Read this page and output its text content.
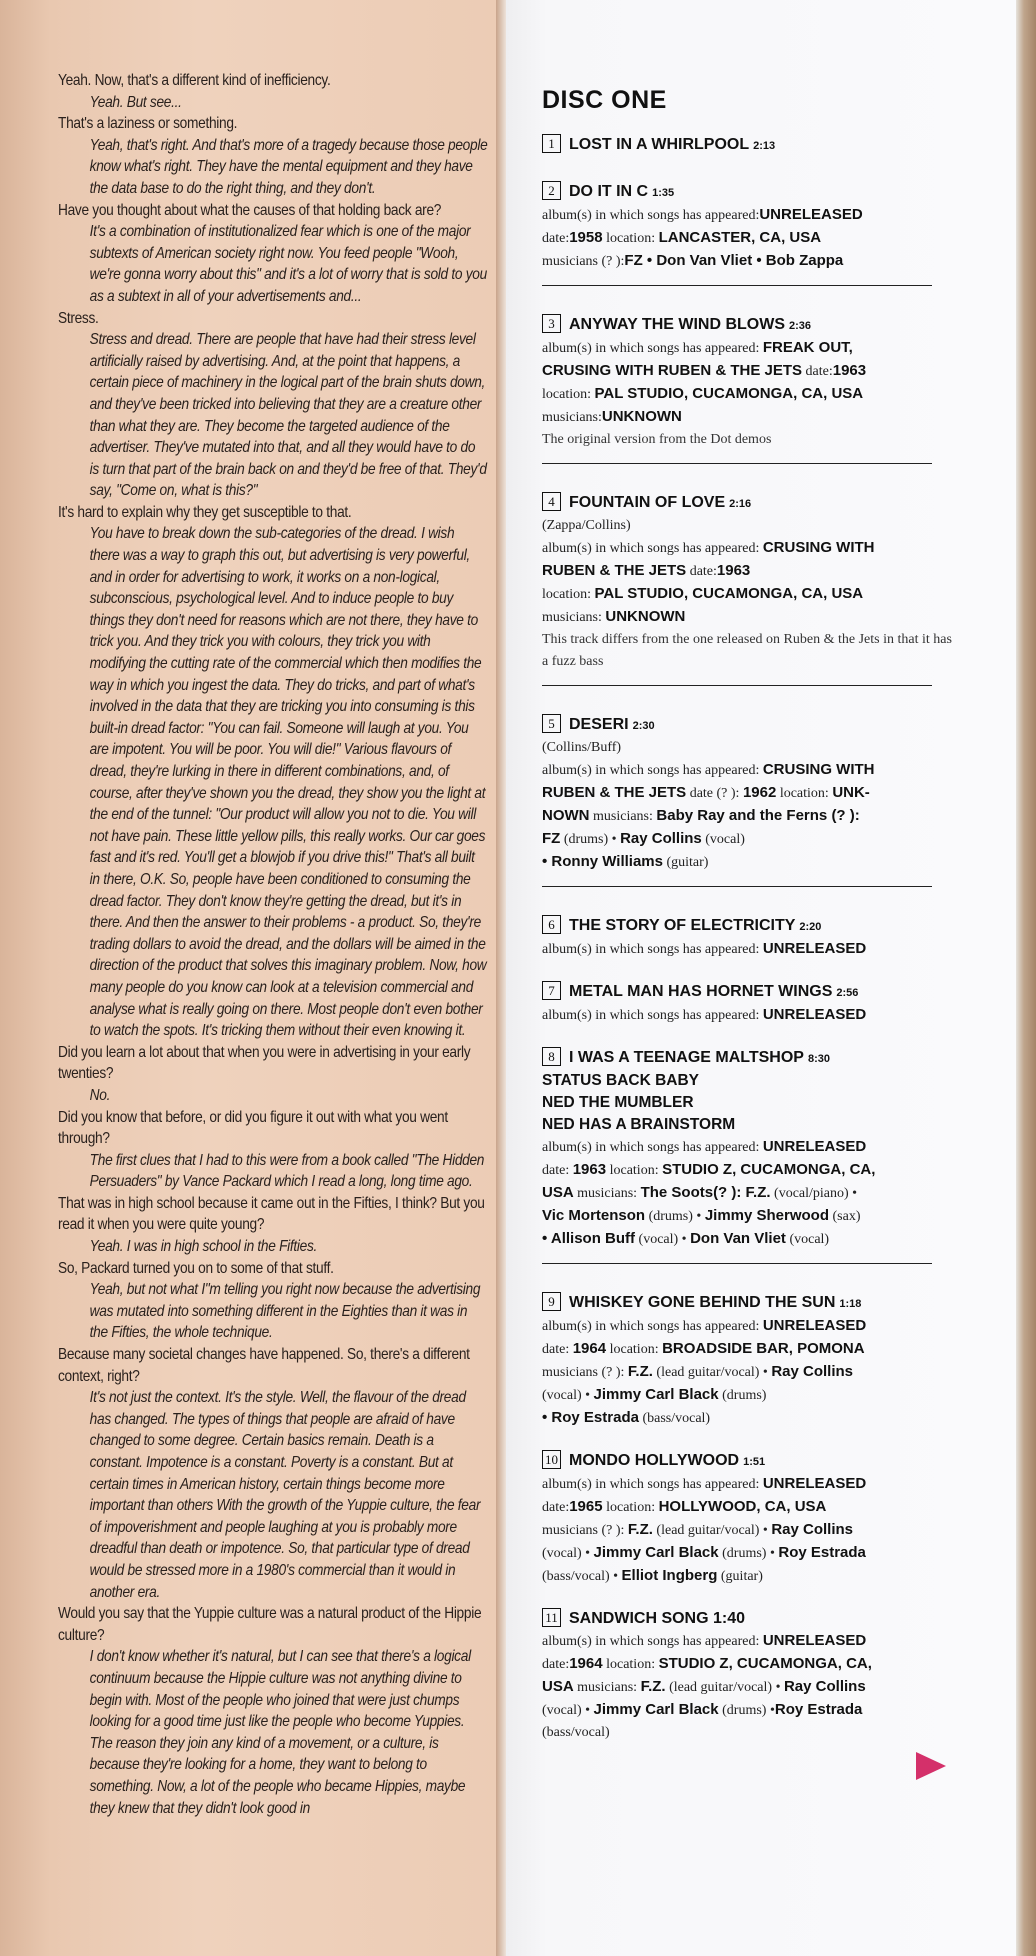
Yeah. Now, that's a different kind of inefficiency.

Yeah. But see...

That's a laziness or something.

Yeah, that's right. And that's more of a tragedy because those people know what's right. They have the mental equipment and they have the data base to do the right thing, and they don't.

Have you thought about what the causes of that holding back are?

It's a combination of institutionalized fear which is one of the major subtexts of American society right now. You feed people "Wooh, we're gonna worry about this" and it's a lot of worry that is sold to you as a subtext in all of your advertisements and...

Stress.

Stress and dread. There are people that have had their stress level artificially raised by advertising. And, at the point that happens, a certain piece of machinery in the logical part of the brain shuts down, and they've been tricked into believing that they are a creature other than what they are. They become the targeted audience of the advertiser. They've mutated into that, and all they would have to do is turn that part of the brain back on and they'd be free of that. They'd say, "Come on, what is this?"

It's hard to explain why they get susceptible to that.

You have to break down the sub-categories of the dread. I wish there was a way to graph this out, but advertising is very powerful, and in order for advertising to work, it works on a non-logical, subconscious, psychological level. And to induce people to buy things they don't need for reasons which are not there, they have to trick you. And they trick you with colours, they trick you with modifying the cutting rate of the commercial which then modifies the way in which you ingest the data. They do tricks, and part of what's involved in the data that they are tricking you into consuming is this built-in dread factor: "You can fail. Someone will laugh at you. You are impotent. You will be poor. You will die!" Various flavours of dread, they're lurking in there in different combinations, and, of course, after they've shown you the dread, they show you the light at the end of the tunnel: "Our product will allow you not to die. You will not have pain. These little yellow pills, this really works. Our car goes fast and it's red. You'll get a blowjob if you drive this!" That's all built in there, O.K. So, people have been conditioned to consuming the dread factor. They don't know they're getting the dread, but it's in there. And then the answer to their problems - a product. So, they're trading dollars to avoid the dread, and the dollars will be aimed in the direction of the product that solves this imaginary problem. Now, how many people do you know can look at a television commercial and analyse what is really going on there. Most people don't even bother to watch the spots. It's tricking them without their even knowing it.

Did you learn a lot about that when you were in advertising in your early twenties?

No.

Did you know that before, or did you figure it out with what you went through?

The first clues that I had to this were from a book called "The Hidden Persuaders" by Vance Packard which I read a long, long time ago.

That was in high school because it came out in the Fifties, I think? But you read it when you were quite young?

Yeah. I was in high school in the Fifties.

So, Packard turned you on to some of that stuff.

Yeah, but not what I"m telling you right now because the advertising was mutated into something different in the Eighties than it was in the Fifties, the whole technique.

Because many societal changes have happened. So, there's a different context, right?

It's not just the context. It's the style. Well, the flavour of the dread has changed. The types of things that people are afraid of have changed to some degree. Certain basics remain. Death is a constant. Impotence is a constant. Poverty is a constant. But at certain times in American history, certain things become more important than others With the growth of the Yuppie culture, the fear of impoverishment and people laughing at you is probably more dreadful than death or impotence. So, that particular type of dread would be stressed more in a 1980's commercial than it would in another era.

Would you say that the Yuppie culture was a natural product of the Hippie culture?

I don't know whether it's natural, but I can see that there's a logical continuum because the Hippie culture was not anything divine to begin with. Most of the people who joined that were just chumps looking for a good time just like the people who become Yuppies. The reason they join any kind of a movement, or a culture, is because they're looking for a home, they want to belong to something. Now, a lot of the people who became Hippies, maybe they knew that they didn't look good in

DISC ONE
1 LOST IN A WHIRLPOOL 2:13
2 DO IT IN C 1:35
album(s) in which songs has appeared:UNRELEASED
date:1958 location: LANCASTER, CA, USA
musicians (? ):FZ • Don Van Vliet • Bob Zappa
3 ANYWAY THE WIND BLOWS 2:36
album(s) in which songs has appeared: FREAK OUT,
CRUSING WITH RUBEN & THE JETS date:1963
location: PAL STUDIO, CUCAMONGA, CA, USA
musicians:UNKNOWN
The original version from the Dot demos
4 FOUNTAIN OF LOVE 2:16
(Zappa/Collins)
album(s) in which songs has appeared: CRUSING WITH
RUBEN & THE JETS date:1963
location: PAL STUDIO, CUCAMONGA, CA, USA
musicians: UNKNOWN
This track differs from the one released on Ruben & the Jets in that it has a fuzz bass
5 DESERI 2:30
(Collins/Buff)
album(s) in which songs has appeared: CRUSING WITH
RUBEN & THE JETS date (? ): 1962 location: UNK-
NOWN musicians: Baby Ray and the Ferns (? ):
FZ (drums) • Ray Collins (vocal)
• Ronny Williams (guitar)
6 THE STORY OF ELECTRICITY 2:20
album(s) in which songs has appeared: UNRELEASED
7 METAL MAN HAS HORNET WINGS 2:56
album(s) in which songs has appeared: UNRELEASED
8 I WAS A TEENAGE MALTSHOP 8:30
STATUS BACK BABY
NED THE MUMBLER
NED HAS A BRAINSTORM
album(s) in which songs has appeared: UNRELEASED
date: 1963 location: STUDIO Z, CUCAMONGA, CA,
USA musicians: The Soots(? ): F.Z. (vocal/piano) •
Vic Mortenson (drums) • Jimmy Sherwood (sax)
• Allison Buff (vocal) • Don Van Vliet (vocal)
9 WHISKEY GONE BEHIND THE SUN 1:18
album(s) in which songs has appeared: UNRELEASED
date: 1964 location: BROADSIDE BAR, POMONA
musicians (? ): F.Z. (lead guitar/vocal) • Ray Collins
(vocal) • Jimmy Carl Black (drums)
• Roy Estrada (bass/vocal)
10 MONDO HOLLYWOOD 1:51
album(s) in which songs has appeared: UNRELEASED
date:1965 location: HOLLYWOOD, CA, USA
musicians (? ): F.Z. (lead guitar/vocal) • Ray Collins
(vocal) • Jimmy Carl Black (drums) • Roy Estrada
(bass/vocal) • Elliot Ingberg (guitar)
11 SANDWICH SONG 1:40
album(s) in which songs has appeared: UNRELEASED
date:1964 location: STUDIO Z, CUCAMONGA, CA,
USA musicians: F.Z. (lead guitar/vocal) • Ray Collins
(vocal) • Jimmy Carl Black (drums) •Roy Estrada
(bass/vocal)
